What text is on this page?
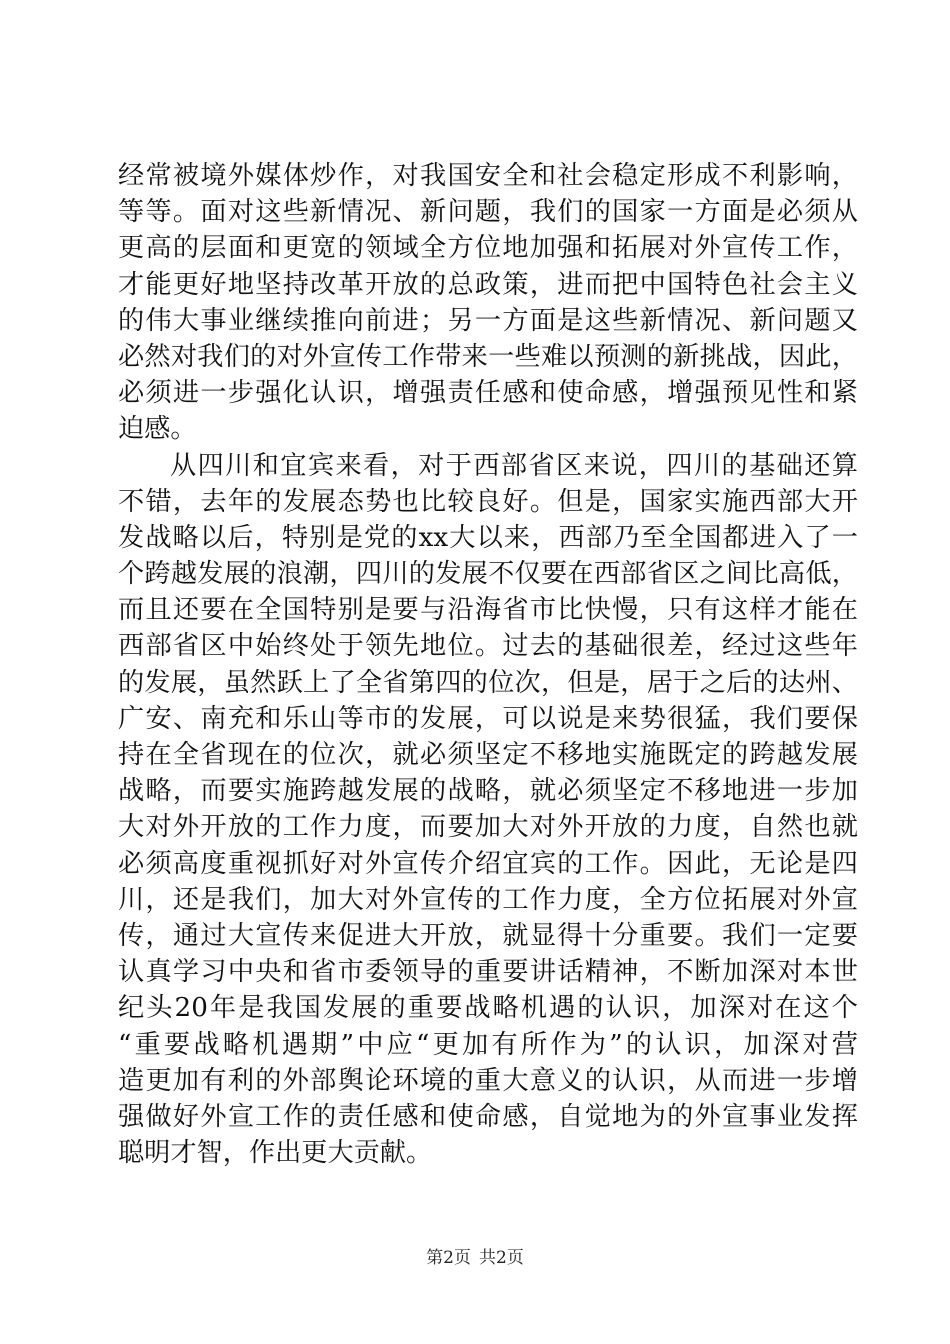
经常被境外媒体炒作，对我国安全和社会稳定形成不利影响，
等等。面对这些新情况、新问题，我们的国家一方面是必须从
更高的层面和更宽的领域全方位地加强和拓展对外宣传工作，
才能更好地坚持改革开放的总政策，进而把中国特色社会主义
的伟大事业继续推向前进；另一方面是这些新情况、新问题又
必然对我们的对外宣传工作带来一些难以预测的新挑战，因此，
必须进一步强化认识，增强责任感和使命感，增强预见性和紧
迫感。
从四川和宜宾来看，对于西部省区来说，四川的基础还算
不错，去年的发展态势也比较良好。但是，国家实施西部大开
发战略以后，特别是党的xx大以来，西部乃至全国都进入了一
个跨越发展的浪潮，四川的发展不仅要在西部省区之间比高低，
而且还要在全国特别是要与沿海省市比快慢，只有这样才能在
西部省区中始终处于领先地位。过去的基础很差，经过这些年
的发展，虽然跃上了全省第四的位次，但是，居于之后的达州、
广安、南充和乐山等市的发展，可以说是来势很猛，我们要保
持在全省现在的位次，就必须坚定不移地实施既定的跨越发展
战略，而要实施跨越发展的战略，就必须坚定不移地进一步加
大对外开放的工作力度，而要加大对外开放的力度，自然也就
必须高度重视抓好对外宣传介绍宜宾的工作。因此，无论是四
川，还是我们，加大对外宣传的工作力度，全方位拓展对外宣
传，通过大宣传来促进大开放，就显得十分重要。我们一定要
认真学习中央和省市委领导的重要讲话精神，不断加深对本世
纪头20年是我国发展的重要战略机遇的认识，加深对在这个
“重要战略机遇期”中应“更加有所作为”的认识，加深对营
造更加有利的外部舆论环境的重大意义的认识，从而进一步增
强做好外宣工作的责任感和使命感，自觉地为的外宣事业发挥
聪明才智，作出更大贡献。
第2页 共2页
